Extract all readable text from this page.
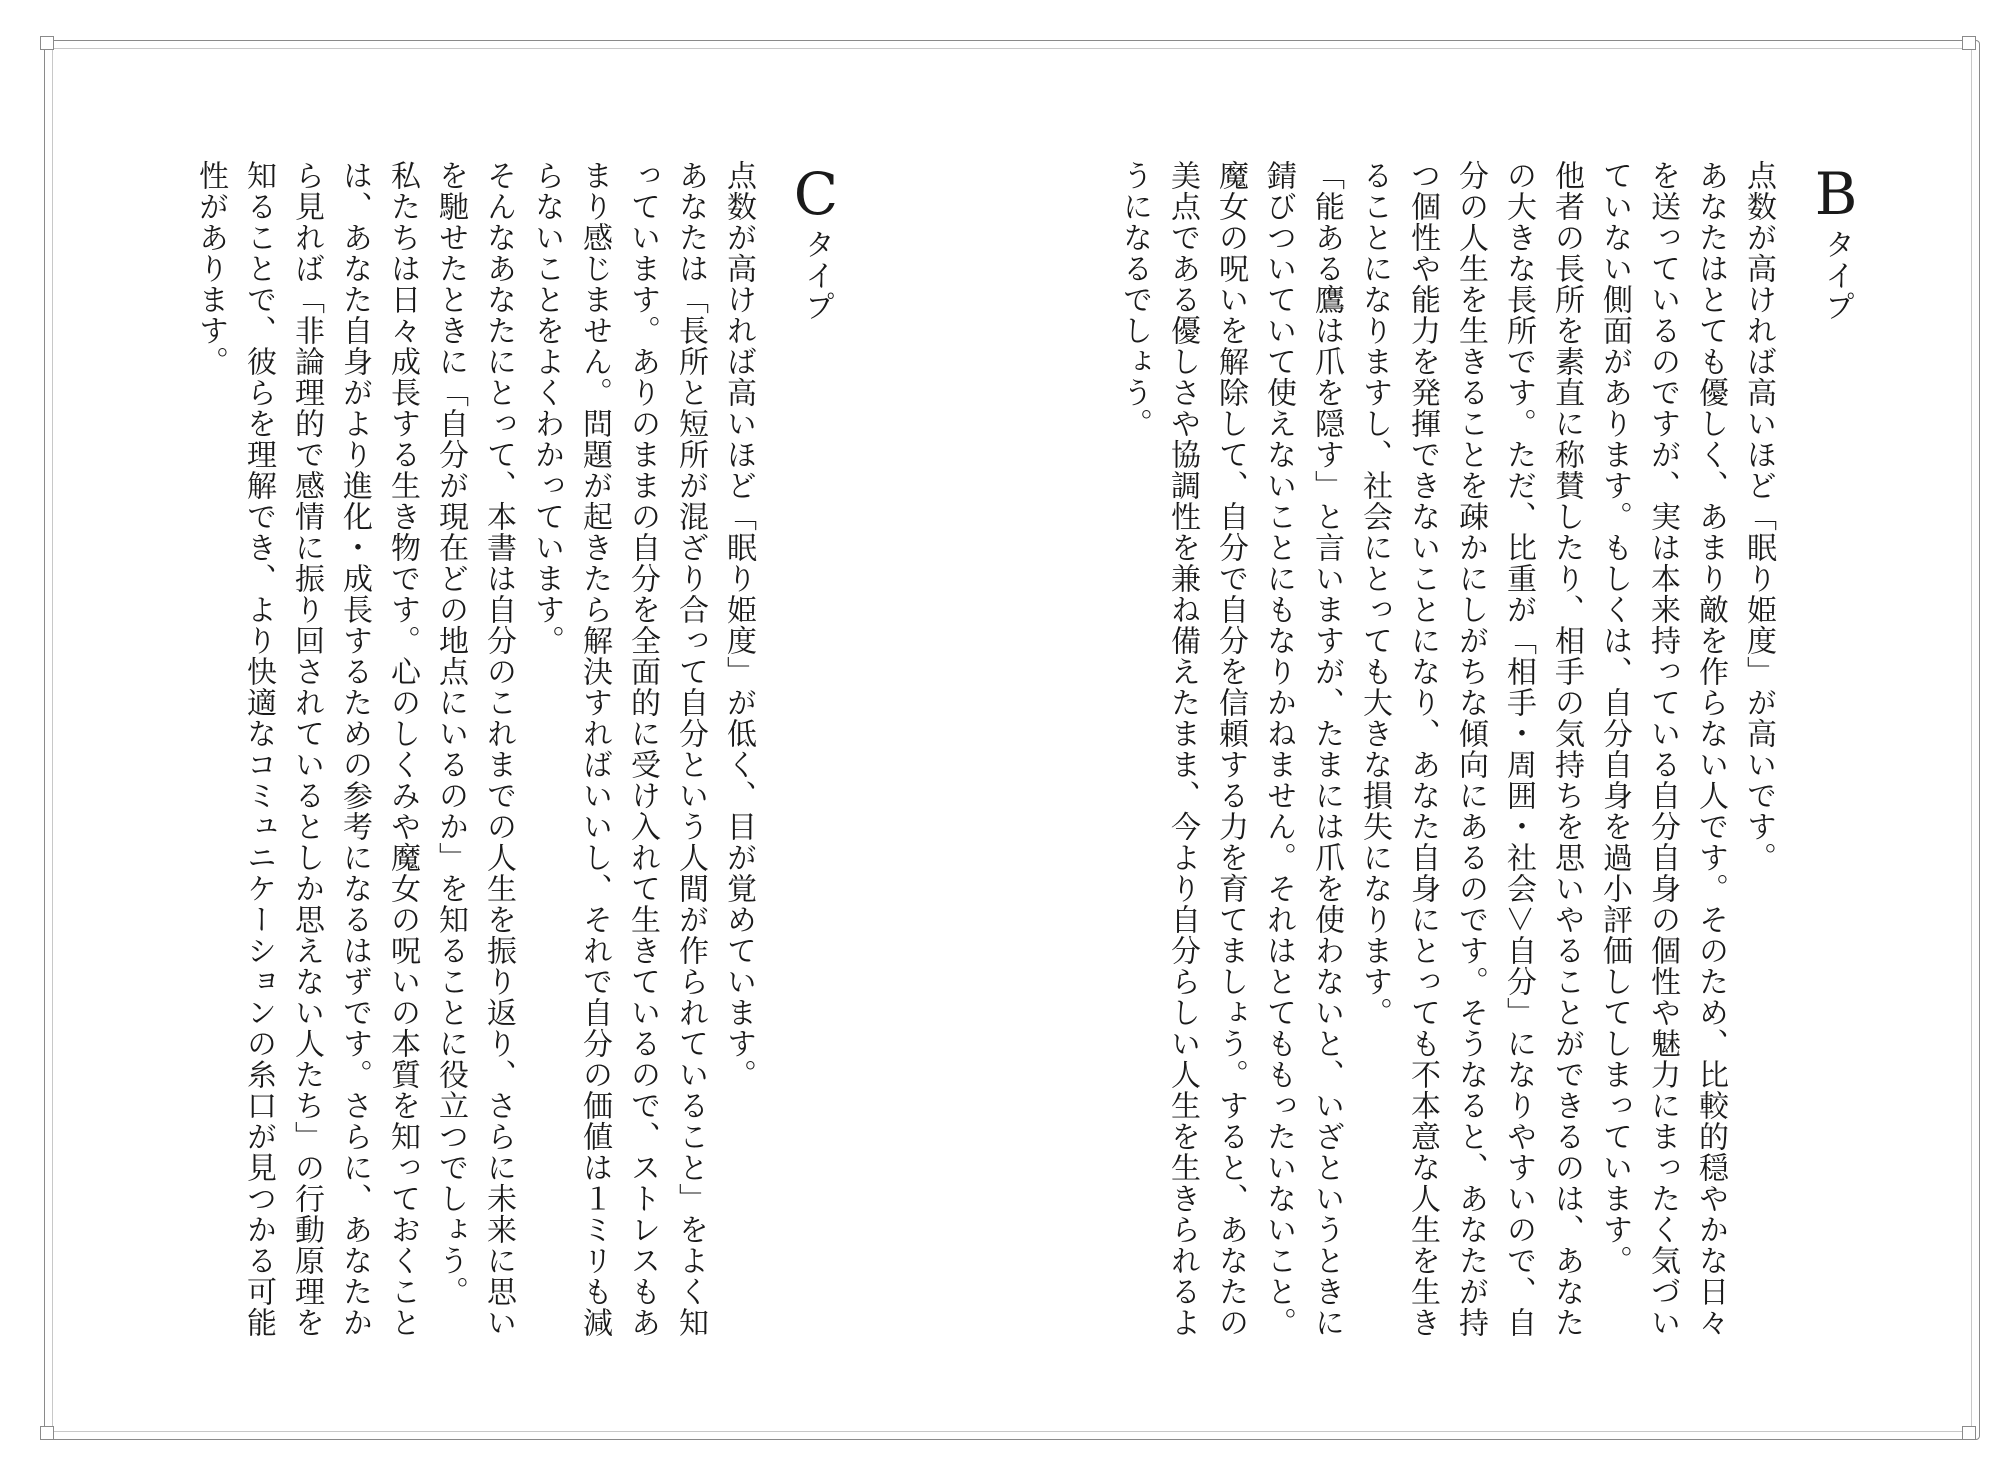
Bタイプ

点数が高ければ高いほど「眠り姫度」が高いです。

あなたはとても優しく、あまり敵を作らない人です。そのため、比較的穏やかな日々を送っているのですが、実は本来持っている自分自身の個性や魅力にまったく気づいていない側面があります。もしくは、自分自身を過小評価してしまっています。

他者の長所を素直に称賛したり、相手の気持ちを思いやることができるのは、あなたの大きな長所です。ただ、比重が「相手・周囲・社会＞自分」になりやすいので、自分の人生を生きることを疎かにしがちな傾向にあるのです。そうなると、あなたが持つ個性や能力を発揮できないことになり、あなた自身にとっても不本意な人生を生きることになりますし、社会にとっても大きな損失になります。

「能ある鷹は爪を隠す」と言いますが、たまには爪を使わないと、いざというときに錆びついていて使えないことにもなりかねません。それはとてももったいないこと。魔女の呪いを解除して、自分で自分を信頼する力を育てましょう。すると、あなたの美点である優しさや協調性を兼ね備えたまま、今より自分らしい人生を生きられるようになるでしょう。

Cタイプ

点数が高ければ高いほど「眠り姫度」が低く、目が覚めています。

あなたは「長所と短所が混ざり合って自分という人間が作られていること」をよく知っています。ありのままの自分を全面的に受け入れて生きているので、ストレスもあまり感じません。問題が起きたら解決すればいいし、それで自分の価値は１ミリも減らないことをよくわかっています。

そんなあなたにとって、本書は自分のこれまでの人生を振り返り、さらに未来に思いを馳せたときに「自分が現在どの地点にいるのか」を知ることに役立つでしょう。

私たちは日々成長する生き物です。心のしくみや魔女の呪いの本質を知っておくことは、あなた自身がより進化・成長するための参考になるはずです。さらに、あなたから見れば「非論理的で感情に振り回されているとしか思えない人たち」の行動原理を知ることで、彼らを理解でき、より快適なコミュニケーションの糸口が見つかる可能性があります。
